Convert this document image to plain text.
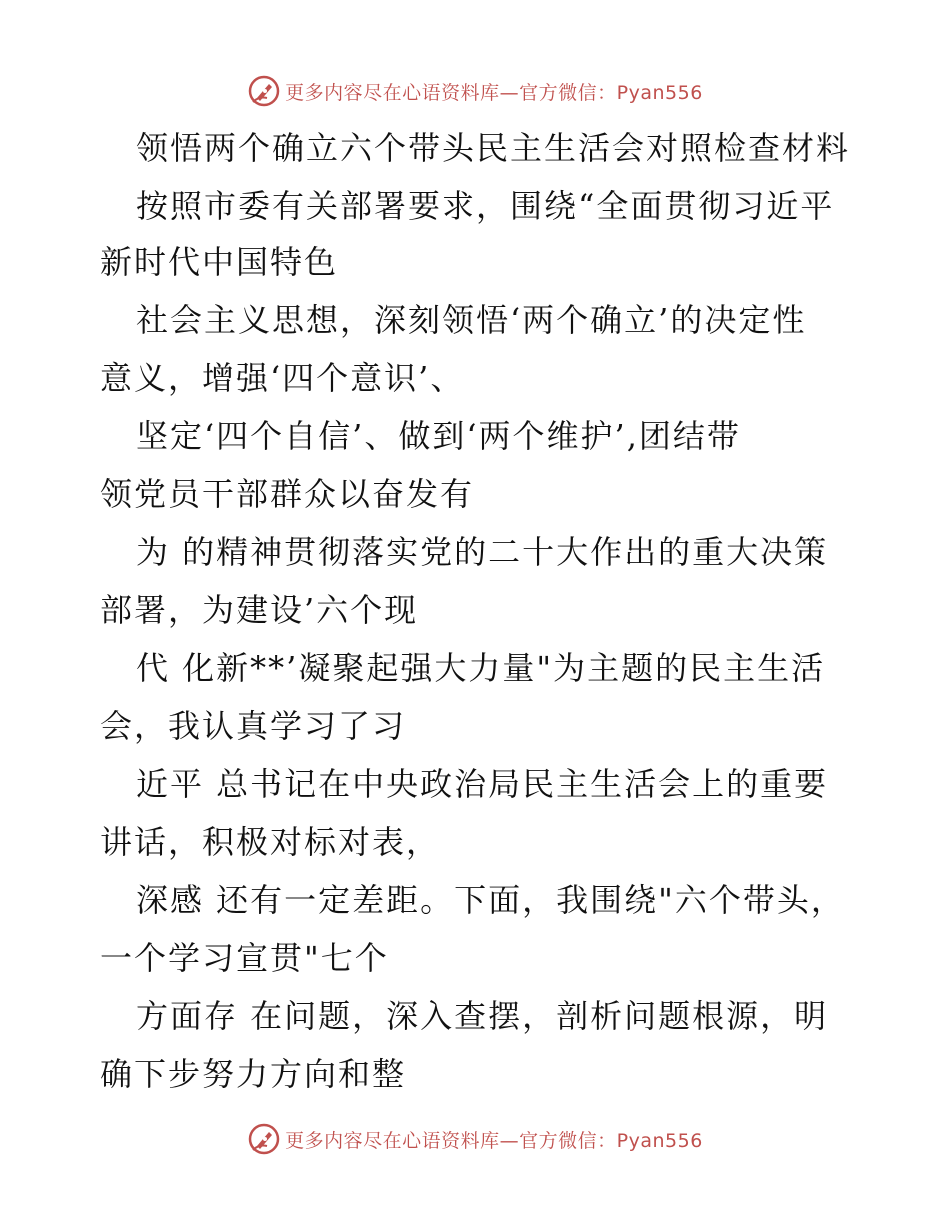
更多内容尽在心语资料库—官方微信：Pyan556
领悟两个确立六个带头民主生活会对照检查材料
按照市委有关部署要求，围绕“全面贯彻习近平
新时代中国特色
社会主义思想，深刻领悟‘两个确立’的决定性
意义，增强‘四个意识’、
坚定‘四个自信’、做到‘两个维护’,团结带
领党员干部群众以奋发有
为 的精神贯彻落实党的二十大作出的重大决策
部署，为建设’六个现
代 化新**’凝聚起强大力量"为主题的民主生活
会，我认真学习了习
近平 总书记在中央政治局民主生活会上的重要
讲话，积极对标对表，
深感 还有一定差距。下面，我围绕"六个带头，
一个学习宣贯"七个
方面存 在问题，深入查摆，剖析问题根源，明
确下步努力方向和整
更多内容尽在心语资料库—官方微信：Pyan556
